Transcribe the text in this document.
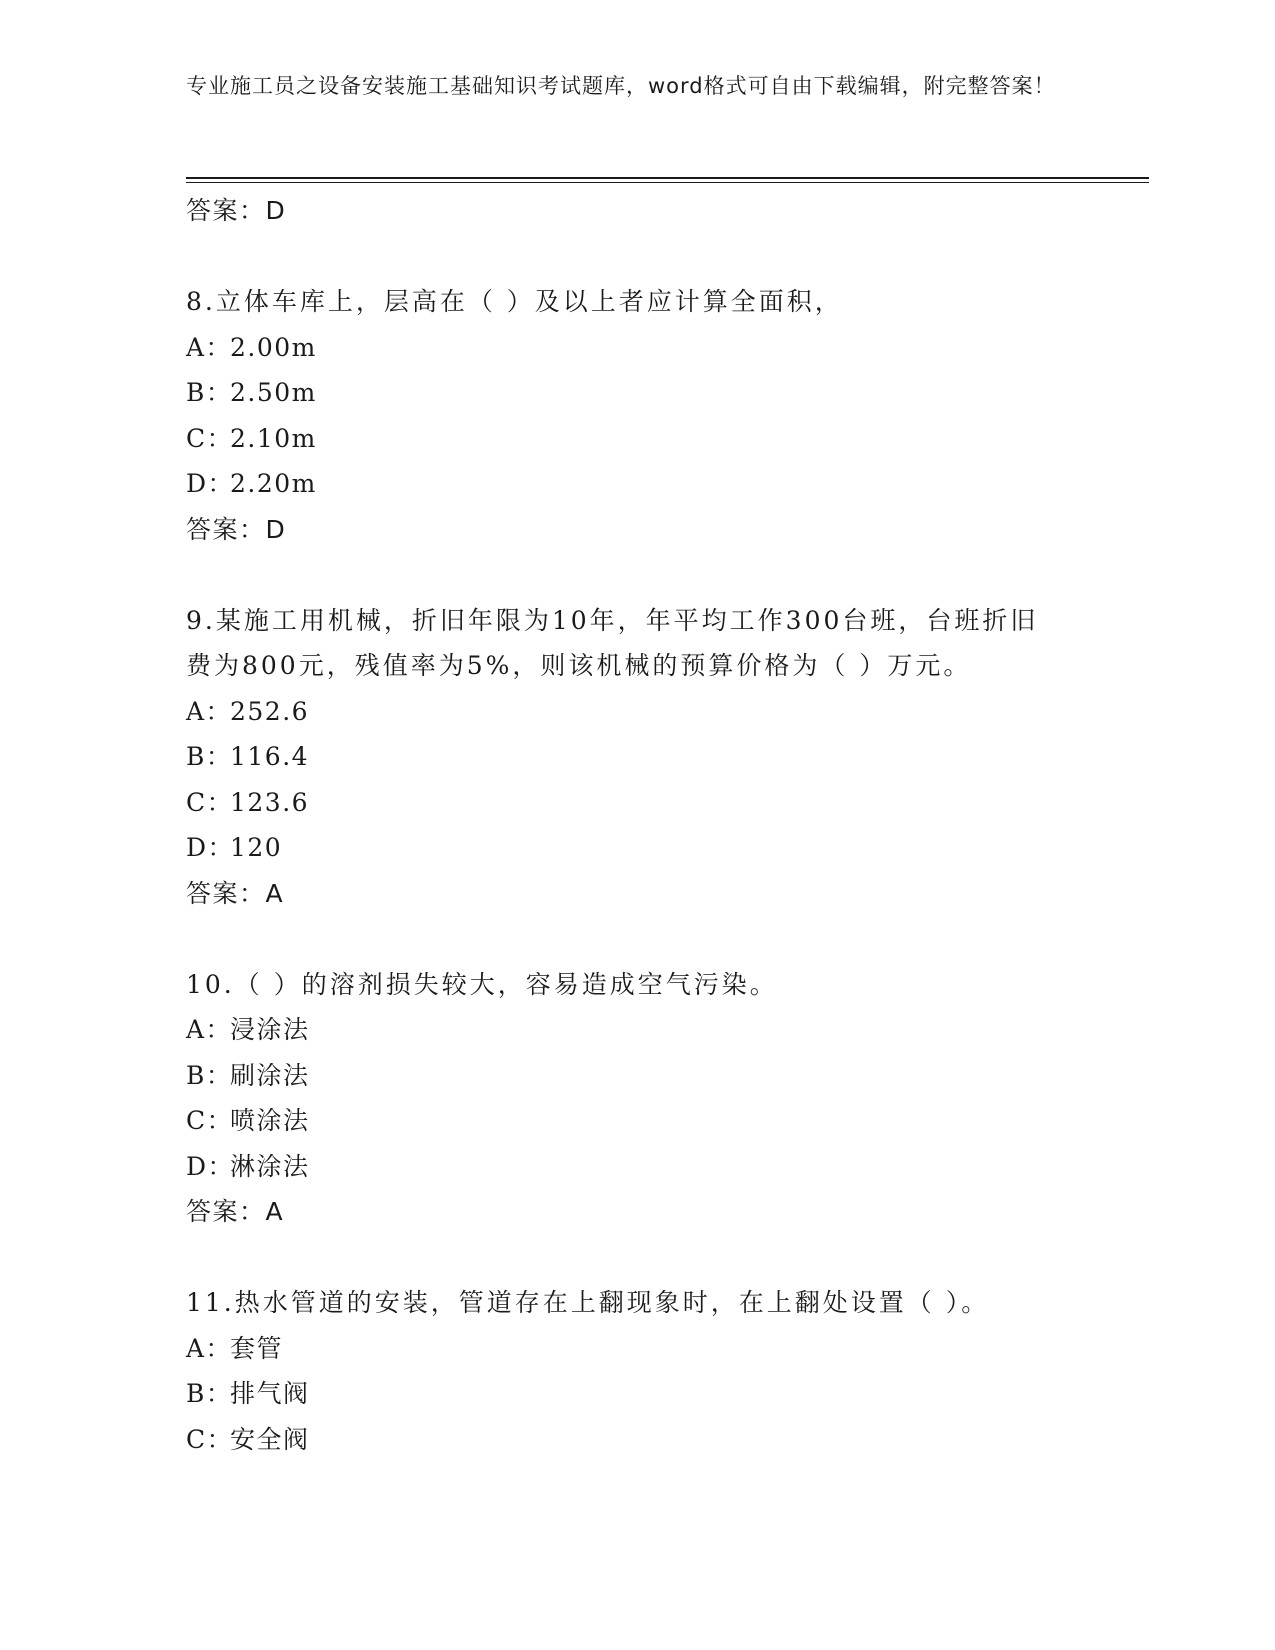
专业施工员之设备安装施工基础知识考试题库，word格式可自由下载编辑，附完整答案！
答案：D
8.立体车库上，层高在（ ）及以上者应计算全面积，
A：2.00m
B：2.50m
C：2.10m
D：2.20m
答案：D
9.某施工用机械，折旧年限为10年，年平均工作300台班，台班折旧
费为800元，残值率为5%，则该机械的预算价格为（ ）万元。
A：252.6
B：116.4
C：123.6
D：120
答案：A
10.（ ）的溶剂损失较大，容易造成空气污染。
A：浸涂法
B：刷涂法
C：喷涂法
D：淋涂法
答案：A
11.热水管道的安装，管道存在上翻现象时，在上翻处设置（ ）。
A：套管
B：排气阀
C：安全阀
